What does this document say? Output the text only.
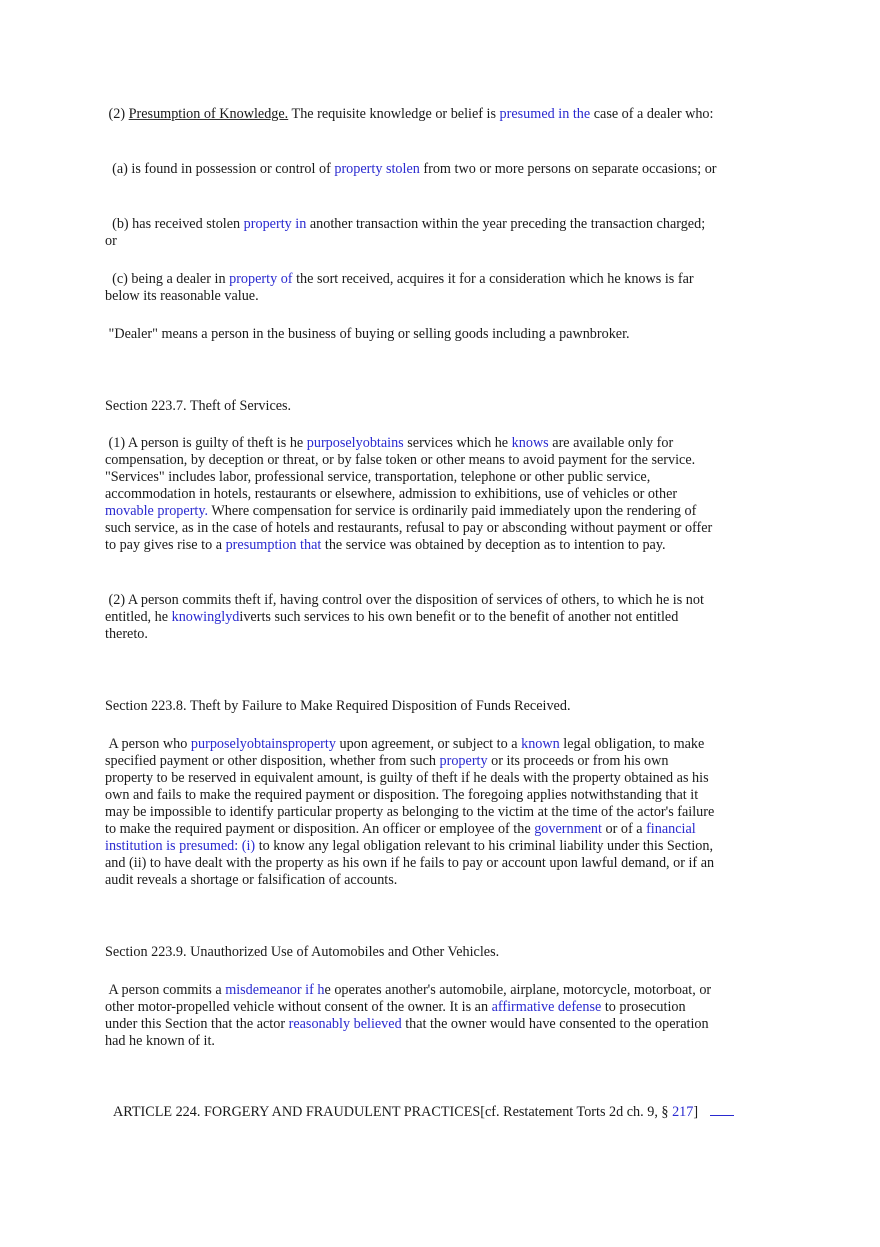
(2) Presumption of Knowledge. The requisite knowledge or belief is presumed in the case of a dealer who:

(a) is found in possession or control of property stolen from two or more persons on separate occasions; or

(b) has received stolen property in another transaction within the year preceding the transaction charged; or

(c) being a dealer in property of the sort received, acquires it for a consideration which he knows is far below its reasonable value.

"Dealer" means a person in the business of buying or selling goods including a pawnbroker.

Section 223.7. Theft of Services.

(1) A person is guilty of theft is he purposelyobtains services which he knows are available only for compensation, by deception or threat, or by false token or other means to avoid payment for the service. "Services" includes labor, professional service, transportation, telephone or other public service, accommodation in hotels, restaurants or elsewhere, admission to exhibitions, use of vehicles or other movable property. Where compensation for service is ordinarily paid immediately upon the rendering of such service, as in the case of hotels and restaurants, refusal to pay or absconding without payment or offer to pay gives rise to a presumption that the service was obtained by deception as to intention to pay.

(2) A person commits theft if, having control over the disposition of services of others, to which he is not entitled, he knowinglydiverts such services to his own benefit or to the benefit of another not entitled thereto.

Section 223.8. Theft by Failure to Make Required Disposition of Funds Received.

A person who purposelyobtainsproperty upon agreement, or subject to a known legal obligation, to make specified payment or other disposition, whether from such property or its proceeds or from his own property to be reserved in equivalent amount, is guilty of theft if he deals with the property obtained as his own and fails to make the required payment or disposition. The foregoing applies notwithstanding that it may be impossible to identify particular property as belonging to the victim at the time of the actor's failure to make the required payment or disposition. An officer or employee of the government or of a financial institution is presumed: (i) to know any legal obligation relevant to his criminal liability under this Section, and (ii) to have dealt with the property as his own if he fails to pay or account upon lawful demand, or if an audit reveals a shortage or falsification of accounts.

Section 223.9. Unauthorized Use of Automobiles and Other Vehicles.

A person commits a misdemeanor if he operates another's automobile, airplane, motorcycle, motorboat, or other motor-propelled vehicle without consent of the owner. It is an affirmative defense to prosecution under this Section that the actor reasonably believed that the owner would have consented to the operation had he known of it.

ARTICLE 224. FORGERY AND FRAUDULENT PRACTICES[cf. Restatement Torts 2d ch. 9, § 217]
